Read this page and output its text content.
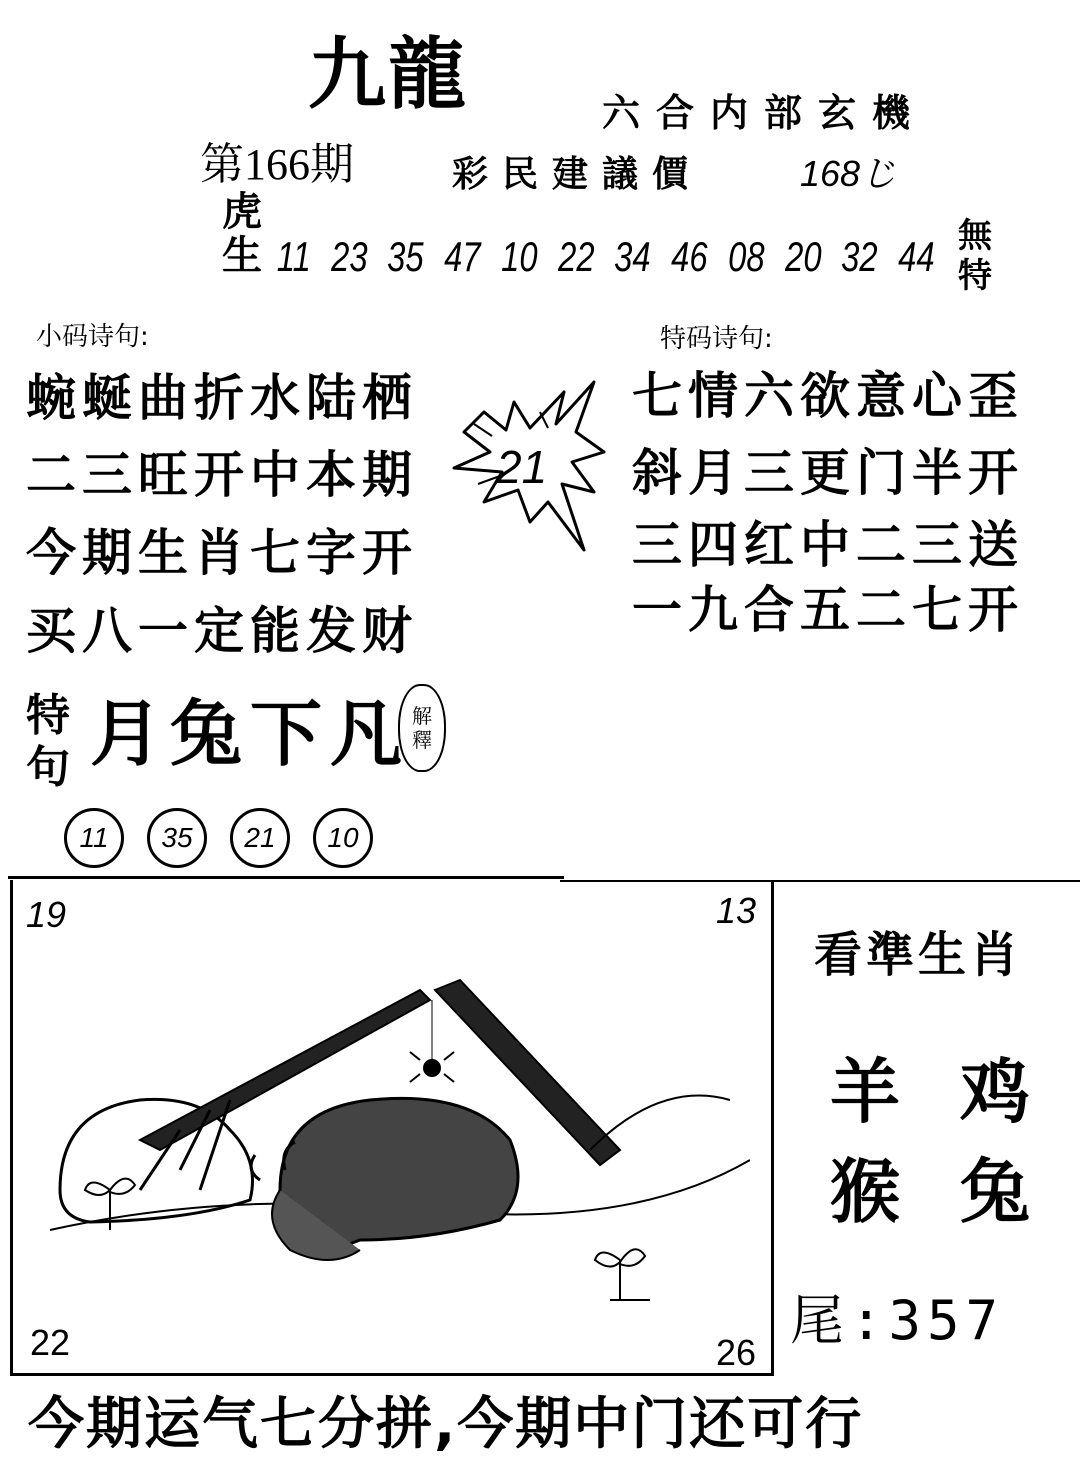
九龍	六合内部玄機
第166期	彩民建議價	168じ
虎生 11 23 35 47 10 22 34 46 08 20 32 44 無特
小码诗句:	特码诗句:
蜿蜒曲折水陆栖
二三旺开中本期
今期生肖七字开
买八一定能发财
七情六欲意心歪
斜月三更门半开
三四红中二三送
一九合五二七开
21
特句 月兔下凡 解
釋
11	35	21	10
19	13
22	26
看準生肖
羊 鸡
猴 兔
尾:357
今期运气七分拼,今期中门还可行
